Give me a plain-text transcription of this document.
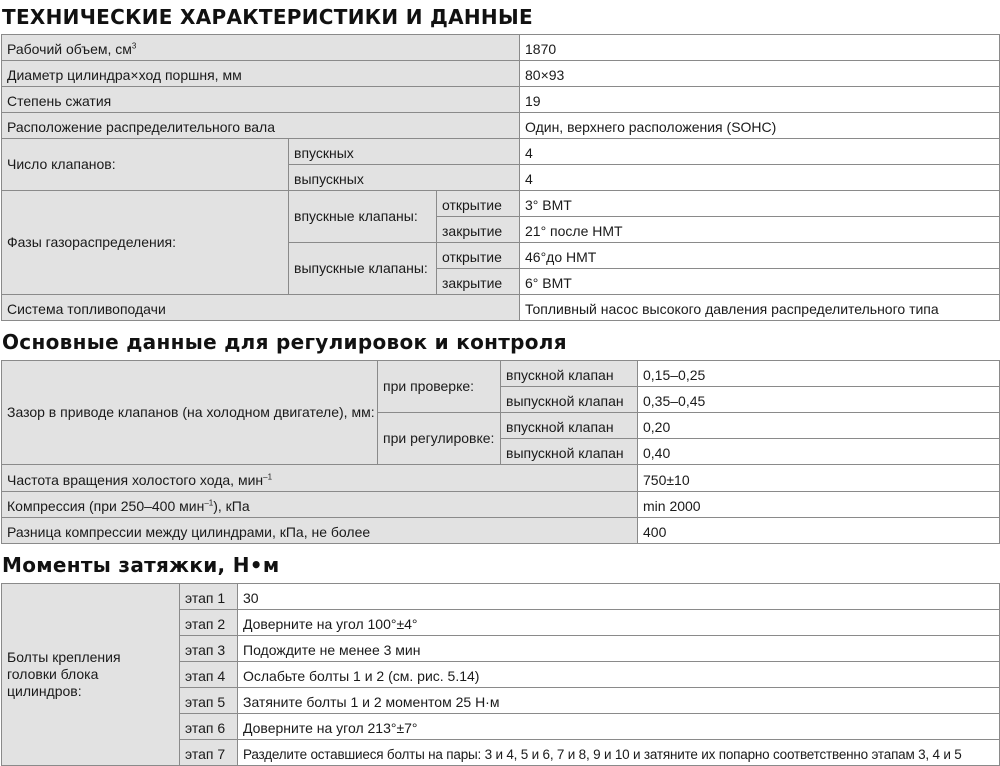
ТЕХНИЧЕСКИЕ ХАРАКТЕРИСТИКИ И ДАННЫЕ
Рабочий объем, $см^3$			1870
Диаметр цилиндра×ход поршня, мм			80×93
Степень сжатия			19
Расположение распределительного вала			Один, верхнего расположения (SOHC)
Число клапанов:	впускных		4
	выпускных		4
Фазы газораспределения:	впускные клапаны:	открытие	3° ВМТ
		закрытие	21° после НМТ
	выпускные клапаны:	открытие	46°до НМТ
		закрытие	6° ВМТ
Система топливоподачи			Топливный насос высокого давления распределительного типа
Основные данные для регулировок и контроля
Зазор в приводе клапанов (на холодном двигателе), мм:	при проверке:	впускной клапан	0,15–0,25
		выпускной клапан	0,35–0,45
	при регулировке:	впускной клапан	0,20
		выпускной клапан	0,40
Частота вращения холостого хода, мин$^{-1}$			750±10
Компрессия (при 250–400 мин$^{-1}$), кПа			min 2000
Разница компрессии между цилиндрами, кПа, не более			400
Моменты затяжки, Н•м
Болты крепления головки блока цилиндров:	этап 1	30
	этап 2	Доверните на угол 100°±4°
	этап 3	Подождите не менее 3 мин
	этап 4	Ослабьте болты 1 и 2 (см. рис. 5.14)
	этап 5	Затяните болты 1 и 2 моментом 25 Н·м
	этап 6	Доверните на угол 213°±7°
	этап 7	Разделите оставшиеся болты на пары: 3 и 4, 5 и 6, 7 и 8, 9 и 10 и затяните их попарно соответственно этапам 3, 4 и 5
